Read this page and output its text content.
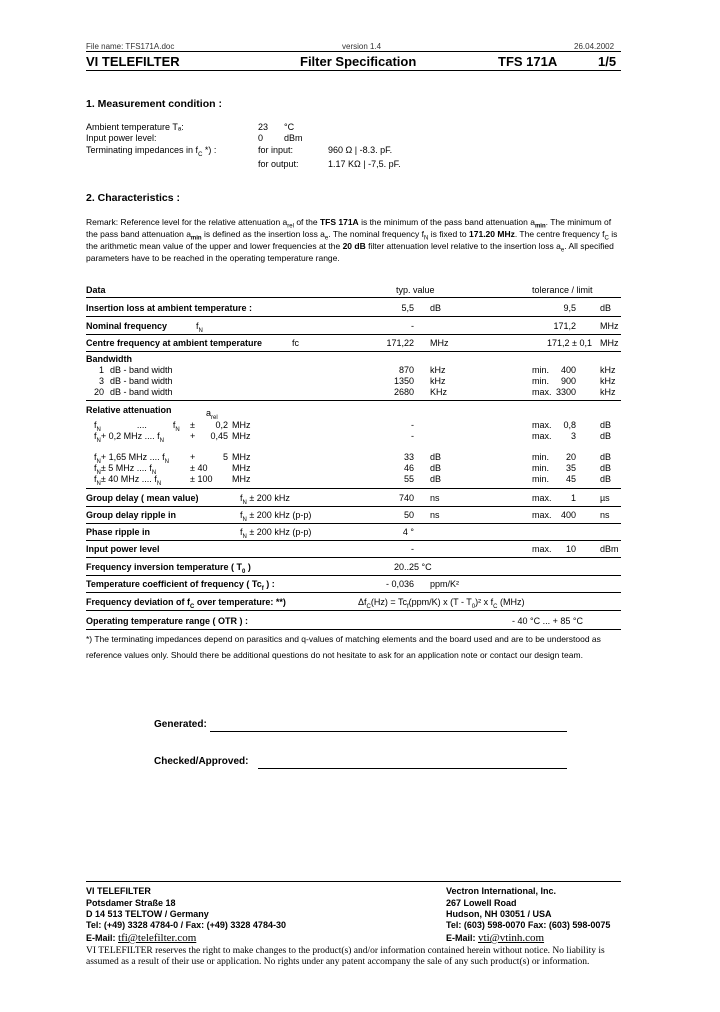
File name: TFS171A.doc	version 1.4	26.04.2002
VI TELEFILTER	Filter Specification	TFS 171A	1/5
1. Measurement condition :
Ambient temperature Tₐ:	23 °C
Input power level:	0 dBm
Terminating impedances in $f_C$ *) :	for input:	960 Ω | -8.3. pF.
for output:	1.17 KΩ | -7,5. pF.
2. Characteristics :
Remark: Reference level for the relative attenuation $a_{rel}$ of the TFS 171A is the minimum of the pass band attenuation $a_{min}$. The minimum of
the pass band attenuation $a_{min}$ is defined as the insertion loss $a_e$. The nominal frequency $f_N$ is fixed to 171.20 MHz. The centre frequency $f_C$ is
the arithmetic mean value of the upper and lower frequencies at the 20 dB filter attenuation level relative to the insertion loss $a_e$. All specified
parameters have to be reached in the operating temperature range.
Data	typ. value	tolerance / limit
Insertion loss at ambient temperature :	5,5 dB	9,5	dB
Nominal frequency	$f_N$	-	171,2	MHz
Centre frequency at ambient temperature	fc	171,22 MHz	171,2 ± 0,1 MHz
Bandwidth
1 dB - band width	870 kHz	min.	400	kHz
3 dB - band width	1350 kHz	min.	900	kHz
20 dB - band width	2680 KHz	max. 3300	kHz
Relative attenuation	$a_{rel}$
$f_N$	....	$f_N$ ±	0,2 MHz	-	max.	0,8	dB
$f_N+ 0,2$ MHz .... $f_N$	+	0,45 MHz	-	max.	3	dB
$f_N+ 1,65$ MHz .... $f_N$ +	5 MHz	33 dB	min.	20	dB
$f_N\pm 5$ MHz .... $f_N$	± 40	MHz	46 dB	min.	35	dB
$f_N\pm 40$ MHz .... $f_N$	± 100 MHz	55 dB	min.	45	dB
Group delay ( mean value)	$f_N \pm 200$ kHz	740 ns	max.	1	µs
Group delay ripple in	$f_N \pm 200$ kHz (p-p)	50 ns	max.	400	ns
Phase ripple in	$f_N \pm 200$ kHz (p-p)	4 °
Input power level	-	max.	10	dBm
Frequency inversion temperature ( $T_0$ )	20..25 °C
Temperature coefficient of frequency ( $Tc_f$ ) :	- 0,036 ppm/K²
Frequency deviation of $f_C$ over temperature: **)	$\Delta f_C(Hz) = Tc_f(ppm/K)$ x $(T - T_0)^2$ x $f_C$ (MHz)
Operating temperature range ( OTR ) :	- 40 °C ... + 85 °C
*) The terminating impedances depend on parasitics and q-values of matching elements and the board used and are to be understood as
reference values only. Should there be additional questions do not hesitate to ask for an application note or contact our design team.
Generated:
Checked/Approved:
VI TELEFILTER
Potsdamer Straße 18
D 14 513 TELTOW / Germany
Tel: (+49) 3328 4784-0 / Fax: (+49) 3328 4784-30
E-Mail: tfi@telefilter.com
Vectron International, Inc.
267 Lowell Road
Hudson, NH 03051 / USA
Tel: (603) 598-0070 Fax: (603) 598-0075
E-Mail: vti@vtinh.com
VI TELEFILTER reserves the right to make changes to the product(s) and/or information contained herein without notice. No liability is
assumed as a result of their use or application. No rights under any patent accompany the sale of any such product(s) or information.
